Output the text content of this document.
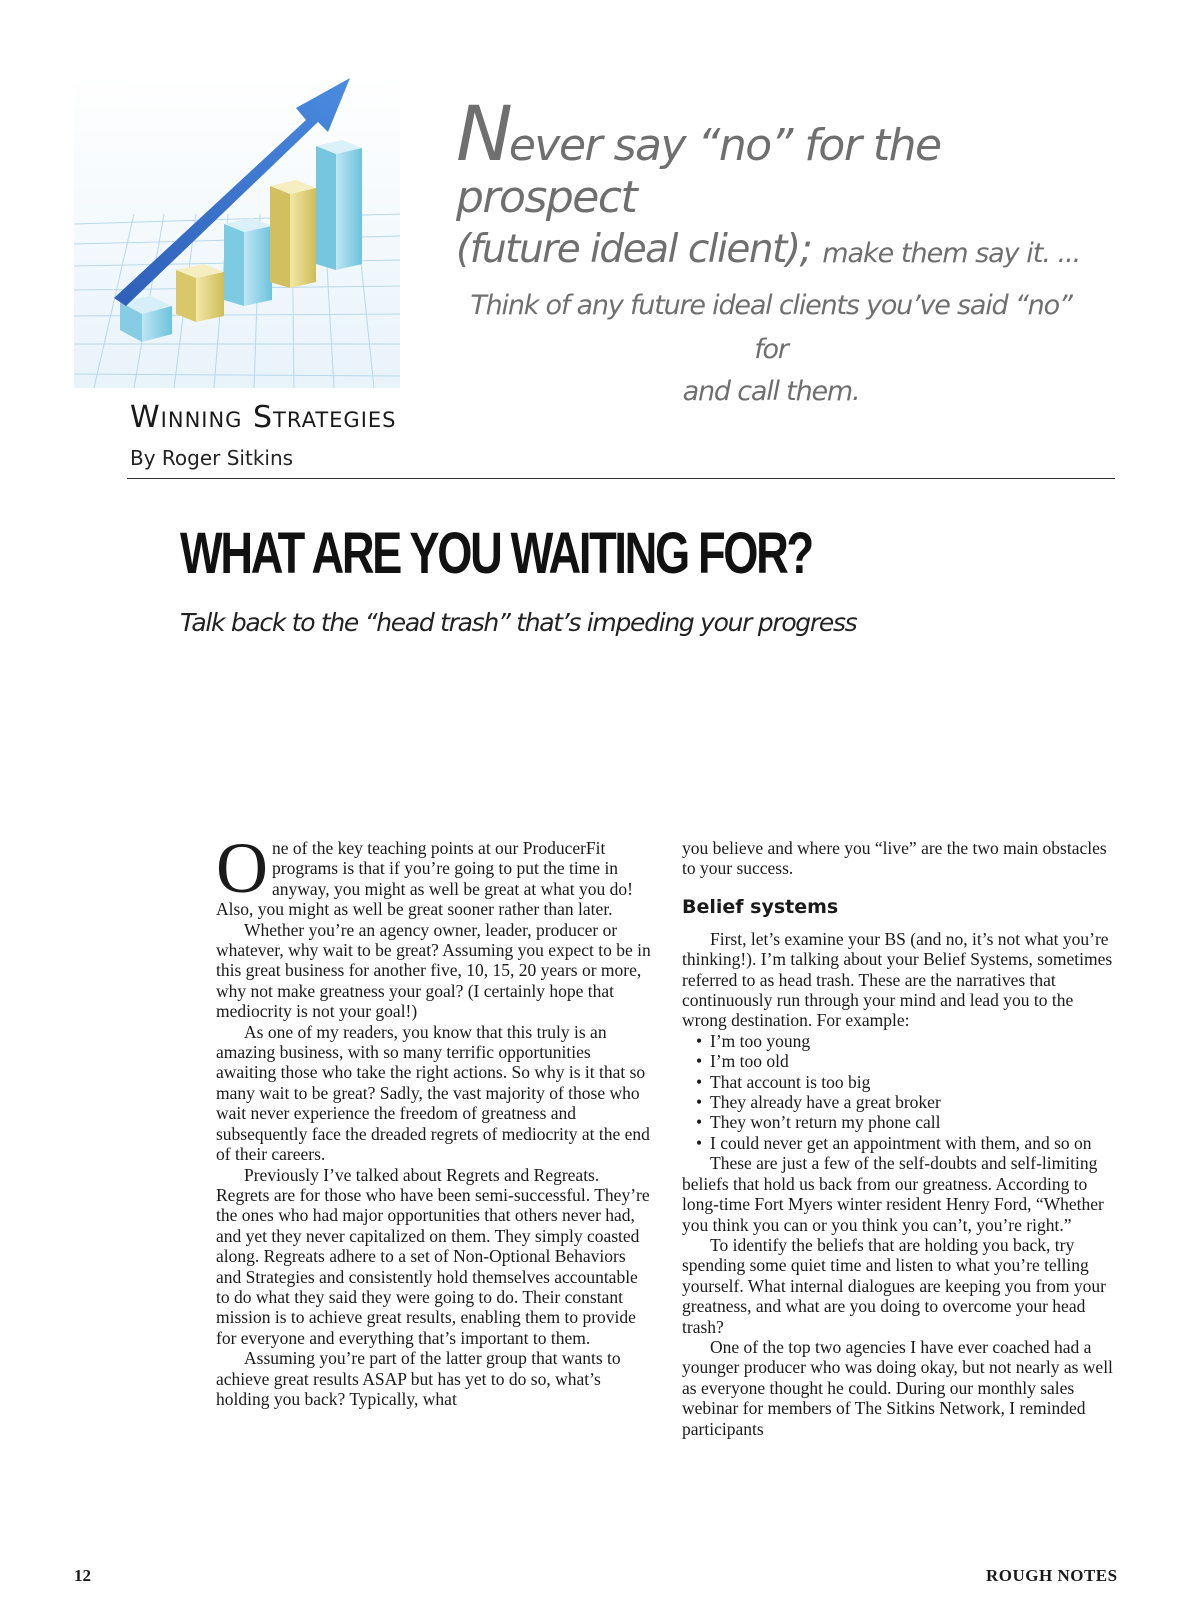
Never say “no” for the prospect
(future ideal client); make them say it. ...
Think of any future ideal clients you’ve said “no” for
and call them.
Winning Strategies
By Roger Sitkins
WHAT ARE YOU WAITING FOR?
Talk back to the “head trash” that’s impeding your progress

One of the key teaching points at our ProducerFit programs is that if you’re going to put the time in anyway, you might as well be great at what you do! Also, you might as well be great sooner rather than later.

Whether you’re an agency owner, leader, producer or whatever, why wait to be great? Assuming you expect to be in this great business for another five, 10, 15, 20 years or more, why not make greatness your goal? (I certainly hope that mediocrity is not your goal!)

As one of my readers, you know that this truly is an amazing business, with so many terrific opportunities awaiting those who take the right actions. So why is it that so many wait to be great? Sadly, the vast majority of those who wait never experience the freedom of greatness and subsequently face the dreaded regrets of mediocrity at the end of their careers.

Previously I’ve talked about Regrets and Regreats. Regrets are for those who have been semi-successful. They’re the ones who had major opportunities that others never had, and yet they never capitalized on them. They simply coasted along. Regreats adhere to a set of Non-Optional Behaviors and Strategies and consistently hold themselves accountable to do what they said they were going to do. Their constant mission is to achieve great results, enabling them to provide for everyone and everything that’s important to them.

Assuming you’re part of the latter group that wants to achieve great results ASAP but has yet to do so, what’s holding you back? Typically, what

you believe and where you “live” are the two main obstacles to your success.

Belief systems

First, let’s examine your BS (and no, it’s not what you’re thinking!). I’m talking about your Belief Systems, sometimes referred to as head trash. These are the narratives that continuously run through your mind and lead you to the wrong destination. For example:

• I’m too young
• I’m too old
• That account is too big
• They already have a great broker
• They won’t return my phone call
• I could never get an appointment with them, and so on

These are just a few of the self-doubts and self-limiting beliefs that hold us back from our greatness. According to long-time Fort Myers winter resident Henry Ford, “Whether you think you can or you think you can’t, you’re right.”

To identify the beliefs that are holding you back, try spending some quiet time and listen to what you’re telling yourself. What internal dialogues are keeping you from your greatness, and what are you doing to overcome your head trash?

One of the top two agencies I have ever coached had a younger producer who was doing okay, but not nearly as well as everyone thought he could. During our monthly sales webinar for members of The Sitkins Network, I reminded participants

12	ROUGH NOTES
